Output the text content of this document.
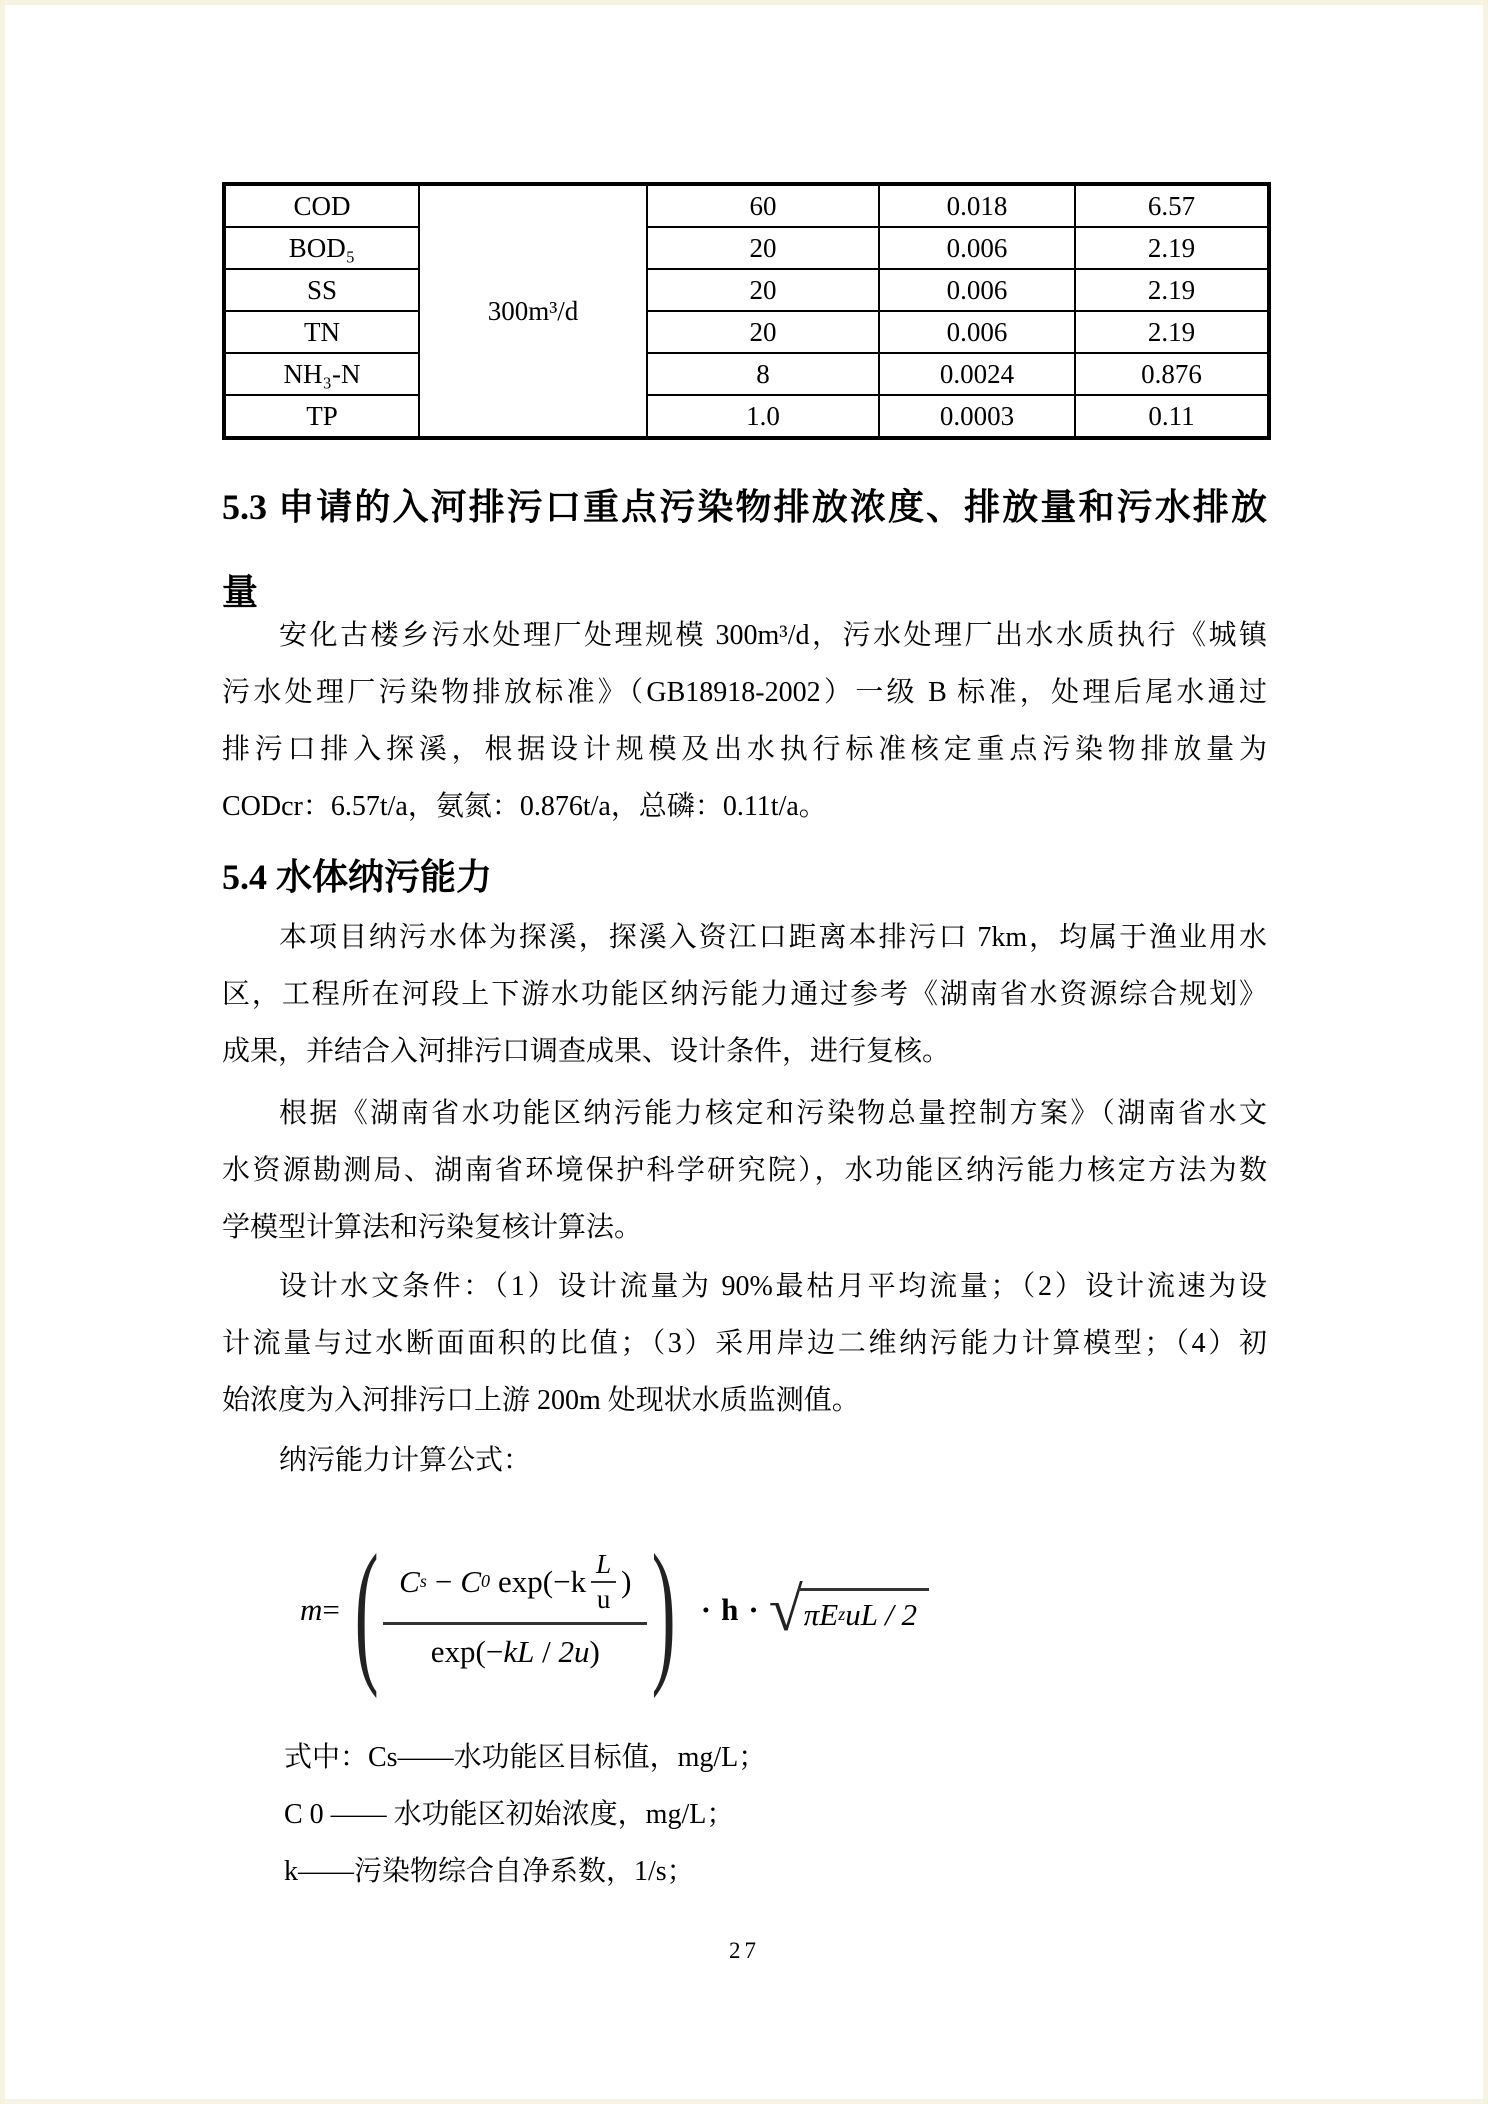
COD	300m³/d	60	0.018	6.57
BOD₅		20	0.006	2.19
SS		20	0.006	2.19
TN		20	0.006	2.19
NH₃-N		8	0.0024	0.876
TP		1.0	0.0003	0.11
5.3 申请的入河排污口重点污染物排放浓度、排放量和污水排放
量
安化古楼乡污水处理厂处理规模 300m³/d，污水处理厂出水水质执行《城镇
污水处理厂污染物排放标准》（GB18918-2002）一级 B 标准，处理后尾水通过
排污口排入探溪，根据设计规模及出水执行标准核定重点污染物排放量为
CODcr：6.57t/a，氨氮：0.876t/a，总磷：0.11t/a。
5.4 水体纳污能力
本项目纳污水体为探溪，探溪入资江口距离本排污口 7km，均属于渔业用水
区，工程所在河段上下游水功能区纳污能力通过参考《湖南省水资源综合规划》
成果，并结合入河排污口调查成果、设计条件，进行复核。
根据《湖南省水功能区纳污能力核定和污染物总量控制方案》（湖南省水文
水资源勘测局、湖南省环境保护科学研究院），水功能区纳污能力核定方法为数
学模型计算法和污染复核计算法。
设计水文条件：（1）设计流量为 90%最枯月平均流量；（2）设计流速为设
计流量与过水断面面积的比值；（3）采用岸边二维纳污能力计算模型；（4）初
始浓度为入河排污口上游 200m 处现状水质监测值。
纳污能力计算公式：
m = ( C s − C 0 exp(−k L
u )
exp(−kL / 2u) ) · h · √ πE z uL / 2
式中：Cs——水功能区目标值，mg/L；
C 0 —— 水功能区初始浓度，mg/L；
k——污染物综合自净系数，1/s；
27
